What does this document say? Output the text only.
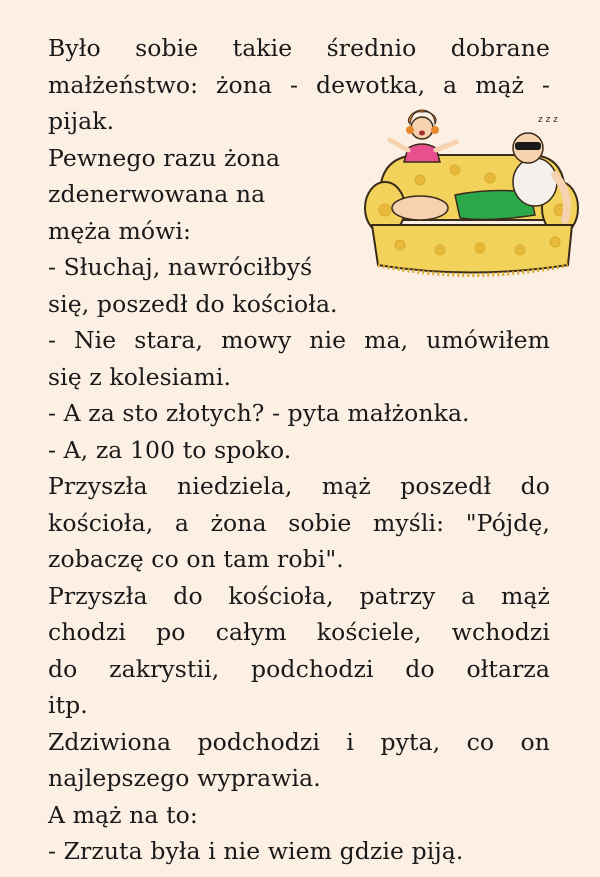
Było sobie takie średnio dobrane
małżeństwo: żona - dewotka, a mąż -
pijak.
Pewnego razu żona
zdenerwowana na
męża mówi:
- Słuchaj, nawróciłbyś
się, poszedł do kościoła.
- Nie stara, mowy nie ma, umówiłem
się z kolesiami.
- A za sto złotych? - pyta małżonka.
- A, za 100 to spoko.
Przyszła niedziela, mąż poszedł do
kościoła, a żona sobie myśli: "Pójdę,
zobaczę co on tam robi".
Przyszła do kościoła, patrzy a mąż
chodzi po całym kościele, wchodzi
do zakrystii, podchodzi do ołtarza
itp.
Zdziwiona podchodzi i pyta, co on
najlepszego wyprawia.
A mąż na to:
- Zrzuta była i nie wiem gdzie piją.
z z z
